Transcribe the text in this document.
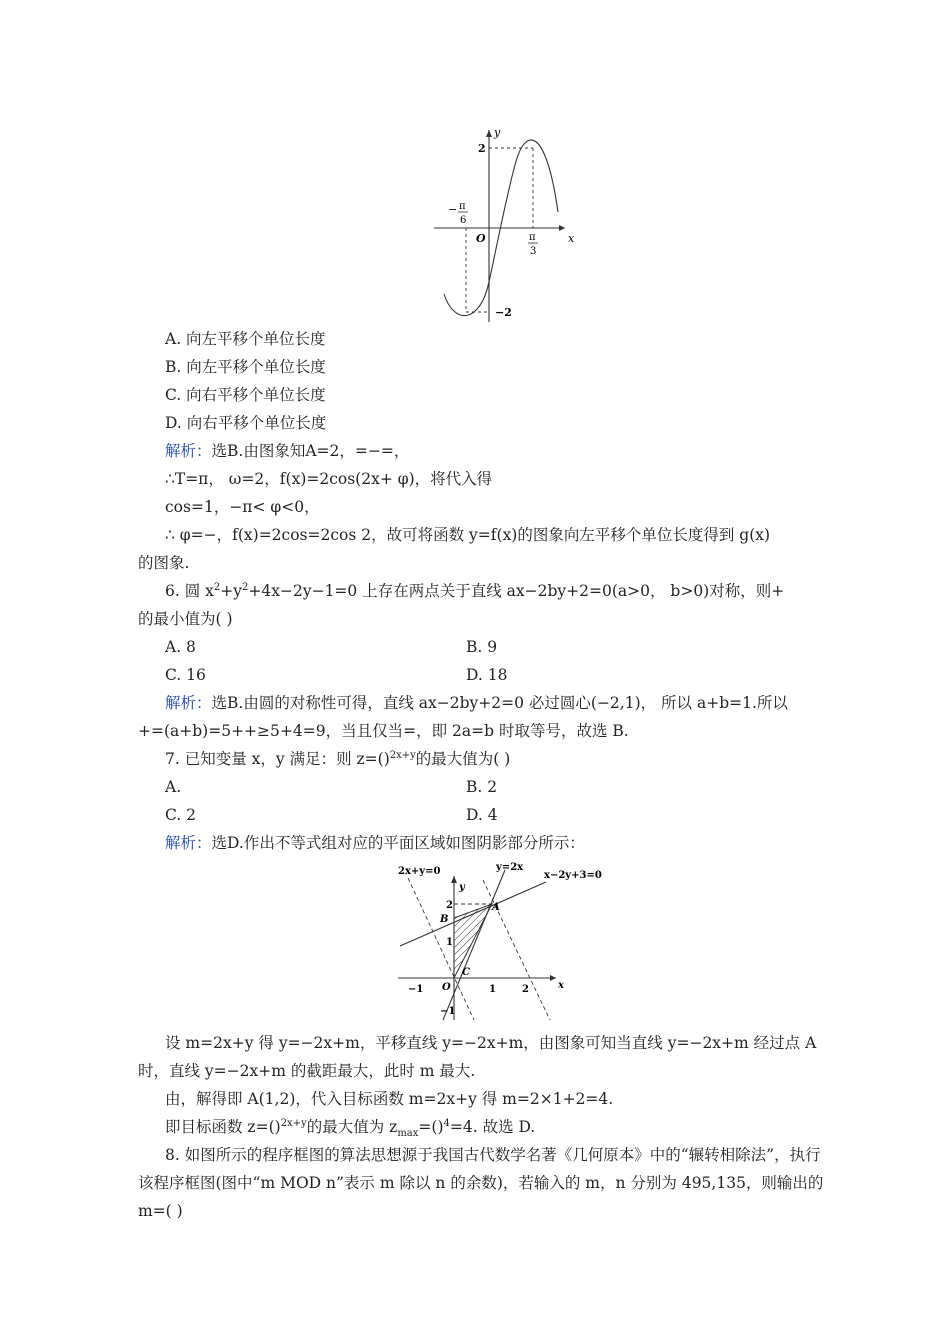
y
x
O
2
−2
− π
6
π
3
A. 向左平移个单位长度
B. 向左平移个单位长度
C. 向右平移个单位长度
D. 向右平移个单位长度
解析：选B.由图象知A=2，=−=，
∴T=π， ω=2，f(x)=2cos(2x+ φ)，将代入得
cos=1，−π< φ<0，
∴ φ=−，f(x)=2cos=2cos 2，故可将函数 y=f(x)的图象向左平移个单位长度得到 g(x)
的图象.
6. 圆 $x^2+y^2+4x-2y-1=0$ 上存在两点关于直线 ax−2by+2=0(a>0， b>0)对称，则+
的最小值为( )
A. 8	B. 9
C. 16	D. 18
解析：选B.由圆的对称性可得，直线 ax−2by+2=0 必过圆心(−2,1)， 所以 a+b=1.所以
+=(a+b)=5++≥5+4=9，当且仅当=，即 2a=b 时取等号，故选 B.
7. 已知变量 x，y 满足：则 z=()$^{2x+y}$的最大值为( )
A.	B. 2
C. 2	D. 4
解析：选D.作出不等式组对应的平面区域如图阴影部分所示：
2x+y=0	y=2x
x−2y+3=0
y
x
O
A
B
C
−1	1	2
2
1
−1
设 m=2x+y 得 y=−2x+m，平移直线 y=−2x+m，由图象可知当直线 y=−2x+m 经过点 A
时，直线 y=−2x+m 的截距最大，此时 m 最大.
由，解得即 A(1,2)，代入目标函数 m=2x+y 得 m=2×1+2=4.
即目标函数 z=()$^{2x+y}$的最大值为 $z_{max}=()^4=4$. 故选 D.
8. 如图所示的程序框图的算法思想源于我国古代数学名著《几何原本》中的“辗转相除法”，执行
该程序框图(图中“m MOD n”表示 m 除以 n 的余数)，若输入的 m，n 分别为 495,135，则输出的
m=( )
